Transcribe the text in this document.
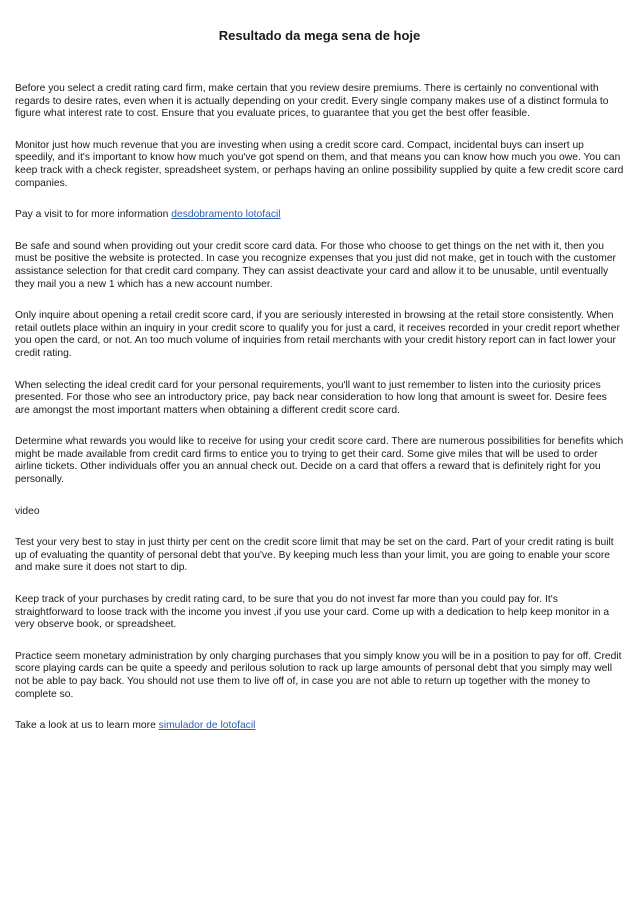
Resultado da mega sena de hoje

Before you select a credit rating card firm, make certain that you review desire premiums. There is certainly no conventional with regards to desire rates, even when it is actually depending on your credit. Every single company makes use of a distinct formula to figure what interest rate to cost. Ensure that you evaluate prices, to guarantee that you get the best offer feasible.

Monitor just how much revenue that you are investing when using a credit score card. Compact, incidental buys can insert up speedily, and it's important to know how much you've got spend on them, and that means you can know how much you owe. You can keep track with a check register, spreadsheet system, or perhaps having an online possibility supplied by quite a few credit score card companies.

Pay a visit to for more information desdobramento lotofacil

Be safe and sound when providing out your credit score card data. For those who choose to get things on the net with it, then you must be positive the website is protected. In case you recognize expenses that you just did not make, get in touch with the customer assistance selection for that credit card company. They can assist deactivate your card and allow it to be unusable, until eventually they mail you a new 1 which has a new account number.

Only inquire about opening a retail credit score card, if you are seriously interested in browsing at the retail store consistently. When retail outlets place within an inquiry in your credit score to qualify you for just a card, it receives recorded in your credit report whether you open the card, or not. An too much volume of inquiries from retail merchants with your credit history report can in fact lower your credit rating.

When selecting the ideal credit card for your personal requirements, you'll want to just remember to listen into the curiosity prices presented. For those who see an introductory price, pay back near consideration to how long that amount is sweet for. Desire fees are amongst the most important matters when obtaining a different credit score card.

Determine what rewards you would like to receive for using your credit score card. There are numerous possibilities for benefits which might be made available from credit card firms to entice you to trying to get their card. Some give miles that will be used to order airline tickets. Other individuals offer you an annual check out. Decide on a card that offers a reward that is definitely right for you personally.

video

Test your very best to stay in just thirty per cent on the credit score limit that may be set on the card. Part of your credit rating is built up of evaluating the quantity of personal debt that you've. By keeping much less than your limit, you are going to enable your score and make sure it does not start to dip.

Keep track of your purchases by credit rating card, to be sure that you do not invest far more than you could pay for. It's straightforward to loose track with the income you invest ,if you use your card. Come up with a dedication to help keep monitor in a very observe book, or spreadsheet.

Practice seem monetary administration by only charging purchases that you simply know you will be in a position to pay for off. Credit score playing cards can be quite a speedy and perilous solution to rack up large amounts of personal debt that you simply may well not be able to pay back. You should not use them to live off of, in case you are not able to return up together with the money to complete so.

Take a look at us to learn more simulador de lotofacil
